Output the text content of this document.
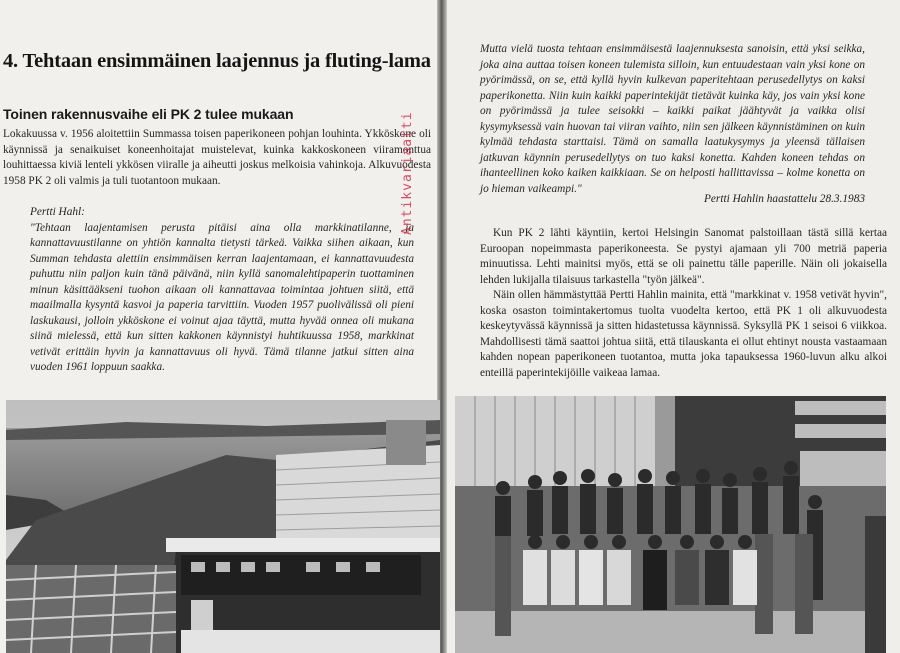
4. Tehtaan ensimmäinen laajennus ja fluting-lama
Toinen rakennusvaihe eli PK 2 tulee mukaan
Lokakuussa v. 1956 aloitettiin Summassa toisen paperikoneen pohjan louhinta. Ykköskone oli käynnissä ja senaikuiset koneenhoitajat muistelevat, kuinka kakkoskoneen viiramonttua louhittaessa kiviä lenteli ykkösen viiralle ja aiheutti joskus melkoisia vahinkoja. Alkuvuodesta 1958 PK 2 oli valmis ja tuli tuotantoon mukaan.
Pertti Hahl:
"Tehtaan laajentamisen perusta pitäisi aina olla markkinatilanne, ja kannattavuustilanne on yhtiön kannalta tietysti tärkeä. Vaikka siihen aikaan, kun Summan tehdasta alettiin ensimmäisen kerran laajentamaan, ei kannattavuudesta puhuttu niin paljon kuin tänä päivänä, niin kyllä sanomalehtipaperin tuottaminen minun käsittääkseni tuohon aikaan oli kannattavaa toimintaa johtuen siitä, että maailmalla kysyntä kasvoi ja paperia tarvittiin. Vuoden 1957 puolivälissä oli pieni laskukausi, jolloin ykköskone ei voinut ajaa täyttä, mutta hyvää onnea oli mukana siinä mielessä, että kun sitten kakkonen käynnistyi huhtikuussa 1958, markkinat vetivät erittäin hyvin ja kannattavuus oli hyvä. Tämä tilanne jatkui sitten aina vuoden 1961 loppuun saakka.
Antikvariaatti
Mutta vielä tuosta tehtaan ensimmäisestä laajennuksesta sanoisin, että yksi seikka, joka aina auttaa toisen koneen tulemista silloin, kun entuudestaan vain yksi kone on pyörimässä, on se, että kyllä hyvin kulkevan paperitehtaan perusedellytys on kaksi paperikonetta. Niin kuin kaikki paperintekijät tietävät kuinka käy, jos vain yksi kone on pyörimässä ja tulee seisokki – kaikki paikat jäähtyvät ja vaikka olisi kysymyksessä vain huovan tai viiran vaihto, niin sen jälkeen käynnistäminen on kuin kylmää tehdasta starttaisi. Tämä on samalla laatukysymys ja yleensä tällaisen jatkuvan käynnin perusedellytys on tuo kaksi konetta. Kahden koneen tehdas on ihanteellinen koko kaiken kaikkiaan. Se on helposti hallittavissa – kolme konetta on jo hieman vaikeampi."
Pertti Hahlin haastattelu 28.3.1983

Kun PK 2 lähti käyntiin, kertoi Helsingin Sanomat palstoillaan tästä sillä kertaa Euroopan nopeimmasta paperikoneesta. Se pystyi ajamaan yli 700 metriä paperia minuutissa. Lehti mainitsi myös, että se oli painettu tälle paperille. Näin oli jokaisella lehden lukijalla tilaisuus tarkastella "työn jälkeä".

Näin ollen hämmästyttää Pertti Hahlin mainita, että "markkinat v. 1958 vetivät hyvin", koska osaston toimintakertomus tuolta vuodelta kertoo, että PK 1 oli alkuvuodesta keskeytyvässä käynnissä ja sitten hidastetussa käynnissä. Syksyllä PK 1 seisoi 6 viikkoa. Mahdollisesti tämä saattoi johtua siitä, että tilauskanta ei ollut ehtinyt nousta vastaamaan kahden nopean paperikoneen tuotantoa, mutta joka tapauksessa 1960-luvun alku alkoi enteillä paperintekijöille vaikeaa lamaa.
